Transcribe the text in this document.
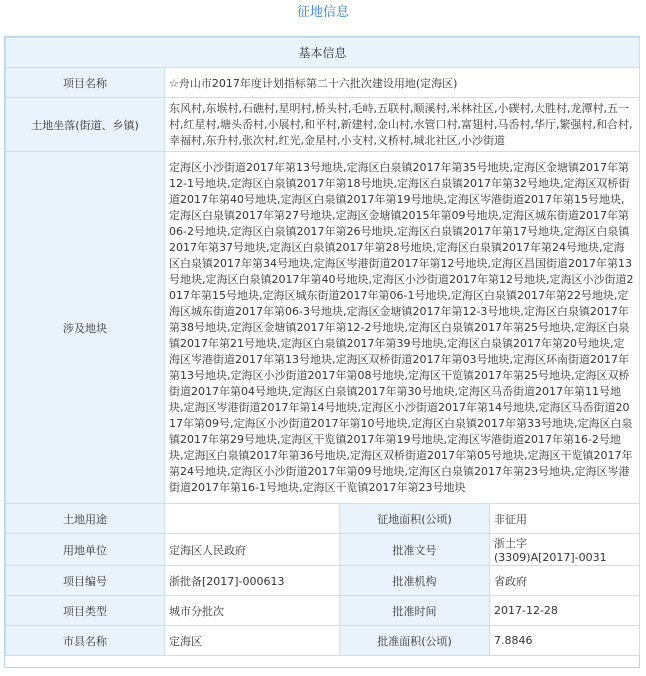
征地信息
基本信息			
项目名称	☆舟山市2017年度计划指标第二十六批次建设用地(定海区)		
土地坐落(街道、乡镇)	东风村,东堠村,石礁村,星明村,桥头村,毛峙,五联村,顺溪村,米林社区,小碶村,大胜村,龙潭村,五一村,红星村,塘头岙村,小展村,和平村,新建村,金山村,水管口村,富翅村,马岙村,华厅,繁强村,和合村,幸福村,东升村,张次村,红光,金星村,小支村,义桥村,城北社区,小沙街道		
涉及地块	定海区小沙街道2017年第13号地块,定海区白泉镇2017年第35号地块,定海区金塘镇2017年第12-1号地块,定海区白泉镇2017年第18号地块,定海区白泉镇2017年第32号地块,定海区双桥街道2017年第40号地块,定海区白泉镇2017年第19号地块,定海区岑港街道2017年第15号地块,定海区白泉镇2017年第27号地块,定海区金塘镇2015年第09号地块,定海区城东街道2017年第06-2号地块,定海区白泉镇2017年第26号地块,定海区白泉镇2017年第17号地块,定海区白泉镇2017年第37号地块,定海区白泉镇2017年第28号地块,定海区白泉镇2017年第24号地块,定海区白泉镇2017年第34号地块,定海区岑港街道2017年第12号地块,定海区昌国街道2017年第13号地块,定海区白泉镇2017年第40号地块,定海区小沙街道2017年第12号地块,定海区小沙街道2017年第15号地块,定海区城东街道2017年第06-1号地块,定海区白泉镇2017年第22号地块,定海区城东街道2017年第06-3号地块,定海区金塘镇2017年第12-3号地块,定海区白泉镇2017年第38号地块,定海区金塘镇2017年第12-2号地块,定海区白泉镇2017年第25号地块,定海区白泉镇2017年第21号地块,定海区白泉镇2017年第39号地块,定海区白泉镇2017年第20号地块,定海区岑港街道2017年第13号地块,定海区双桥街道2017年第03号地块,定海区环南街道2017年第13号地块,定海区小沙街道2017年第08号地块,定海区干览镇2017年第25号地块,定海区双桥街道2017年第04号地块,定海区白泉镇2017年第30号地块,定海区马岙街道2017年第11号地块,定海区岑港街道2017年第14号地块,定海区小沙街道2017年第14号地块,定海区马岙街道2017年第09号,定海区小沙街道2017年第10号地块,定海区白泉镇2017年第33号地块,定海区白泉镇2017年第29号地块,定海区干览镇2017年第19号地块,定海区岑港街道2017年第16-2号地块,定海区白泉镇2017年第36号地块,定海区双桥街道2017年第05号地块,定海区干览镇2017年第24号地块,定海区小沙街道2017年第09号地块,定海区白泉镇2017年第23号地块,定海区岑港街道2017年第16-1号地块,定海区干览镇2017年第23号地块		
土地用途		征地面积(公顷)	非征用
用地单位	定海区人民政府	批准文号	浙土字(3309)A[2017]-0031
项目编号	浙批备[2017]-000613	批准机构	省政府
项目类型	城市分批次	批准时间	2017-12-28
市县名称	定海区	批准面积(公顷)	7.8846
